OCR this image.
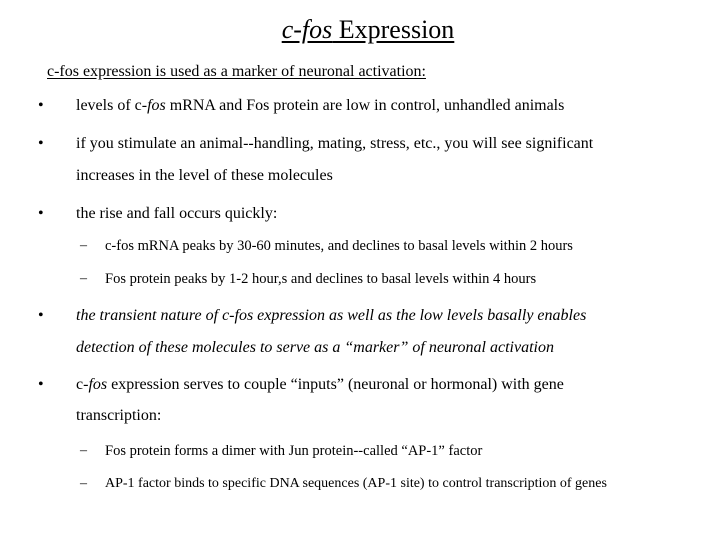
c-fos Expression
c-fos expression is used as a marker of neuronal activation:
• levels of c-fos mRNA and Fos protein are low in control, unhandled animals
• if you stimulate an animal--handling, mating, stress, etc., you will see significant
increases in the level of these molecules
• the rise and fall occurs quickly:
– c-fos mRNA peaks by 30-60 minutes, and declines to basal levels within 2 hours
– Fos protein peaks by 1-2 hour,s and declines to basal levels within 4 hours
• the transient nature of c-fos expression as well as the low levels basally enables
detection of these molecules to serve as a “marker” of neuronal activation
• c-fos expression serves to couple “inputs” (neuronal or hormonal) with gene
transcription:
– Fos protein forms a dimer with Jun protein--called “AP-1” factor
– AP-1 factor binds to specific DNA sequences (AP-1 site) to control transcription of genes
